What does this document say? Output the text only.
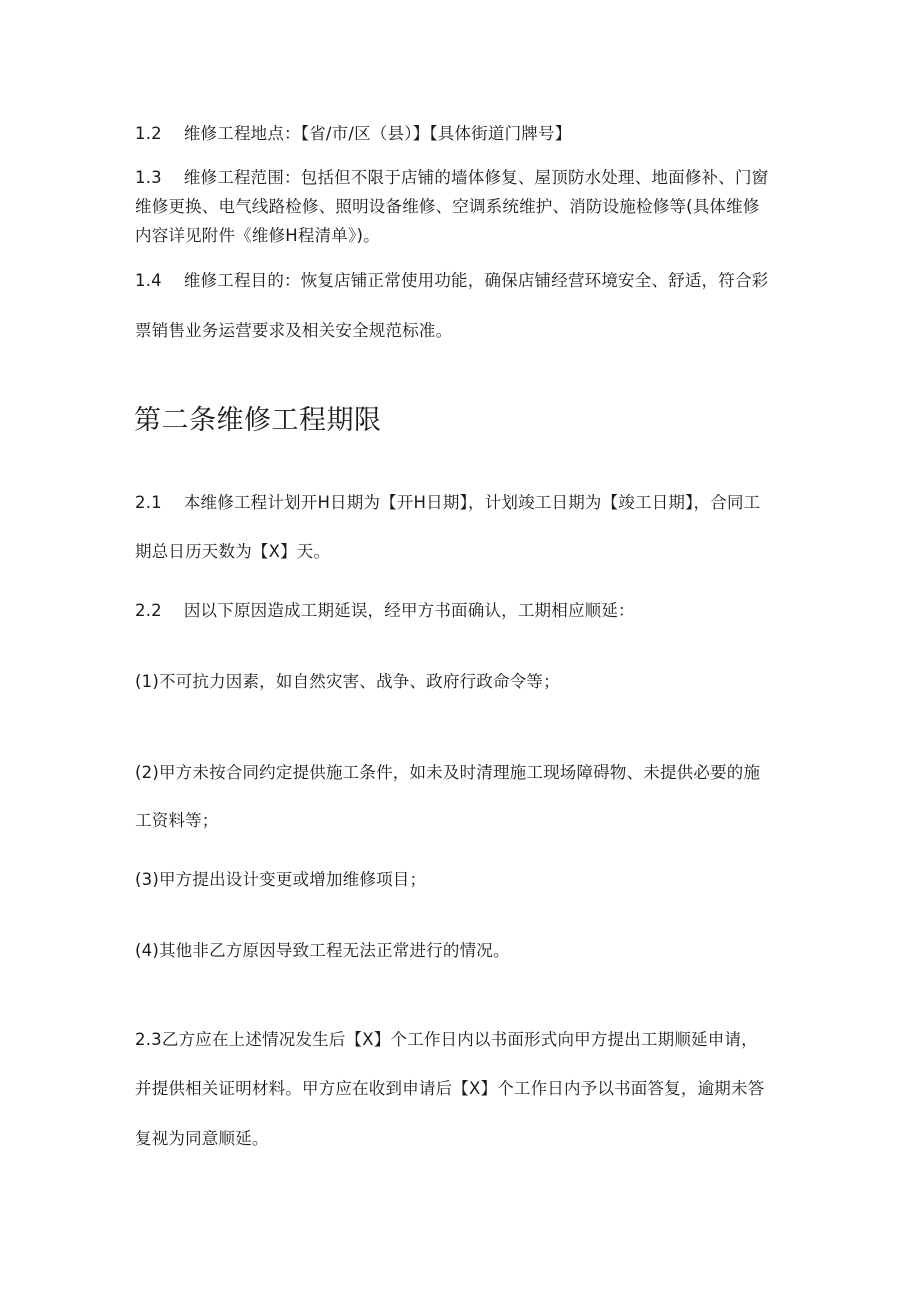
1.2 维修工程地点：【省/市/区（县）】【具体街道门牌号】
1.3 维修工程范围：包括但不限于店铺的墙体修复、屋顶防水处理、地面修补、门窗
维修更换、电气线路检修、照明设备维修、空调系统维护、消防设施检修等(具体维修
内容详见附件《维修H程清单》)。
1.4 维修工程目的：恢复店铺正常使用功能，确保店铺经营环境安全、舒适，符合彩
票销售业务运营要求及相关安全规范标准。
第二条维修工程期限
2.1 本维修工程计划开H日期为【开H日期】，计划竣工日期为【竣工日期】，合同工
期总日历天数为【X】天。
2.2 因以下原因造成工期延误，经甲方书面确认，工期相应顺延：
(1)不可抗力因素，如自然灾害、战争、政府行政命令等；
(2)甲方未按合同约定提供施工条件，如未及时清理施工现场障碍物、未提供必要的施
工资料等；
(3)甲方提出设计变更或增加维修项目；
(4)其他非乙方原因导致工程无法正常进行的情况。
2.3乙方应在上述情况发生后【X】个工作日内以书面形式向甲方提出工期顺延申请，
并提供相关证明材料。甲方应在收到申请后【X】个工作日内予以书面答复，逾期未答
复视为同意顺延。
